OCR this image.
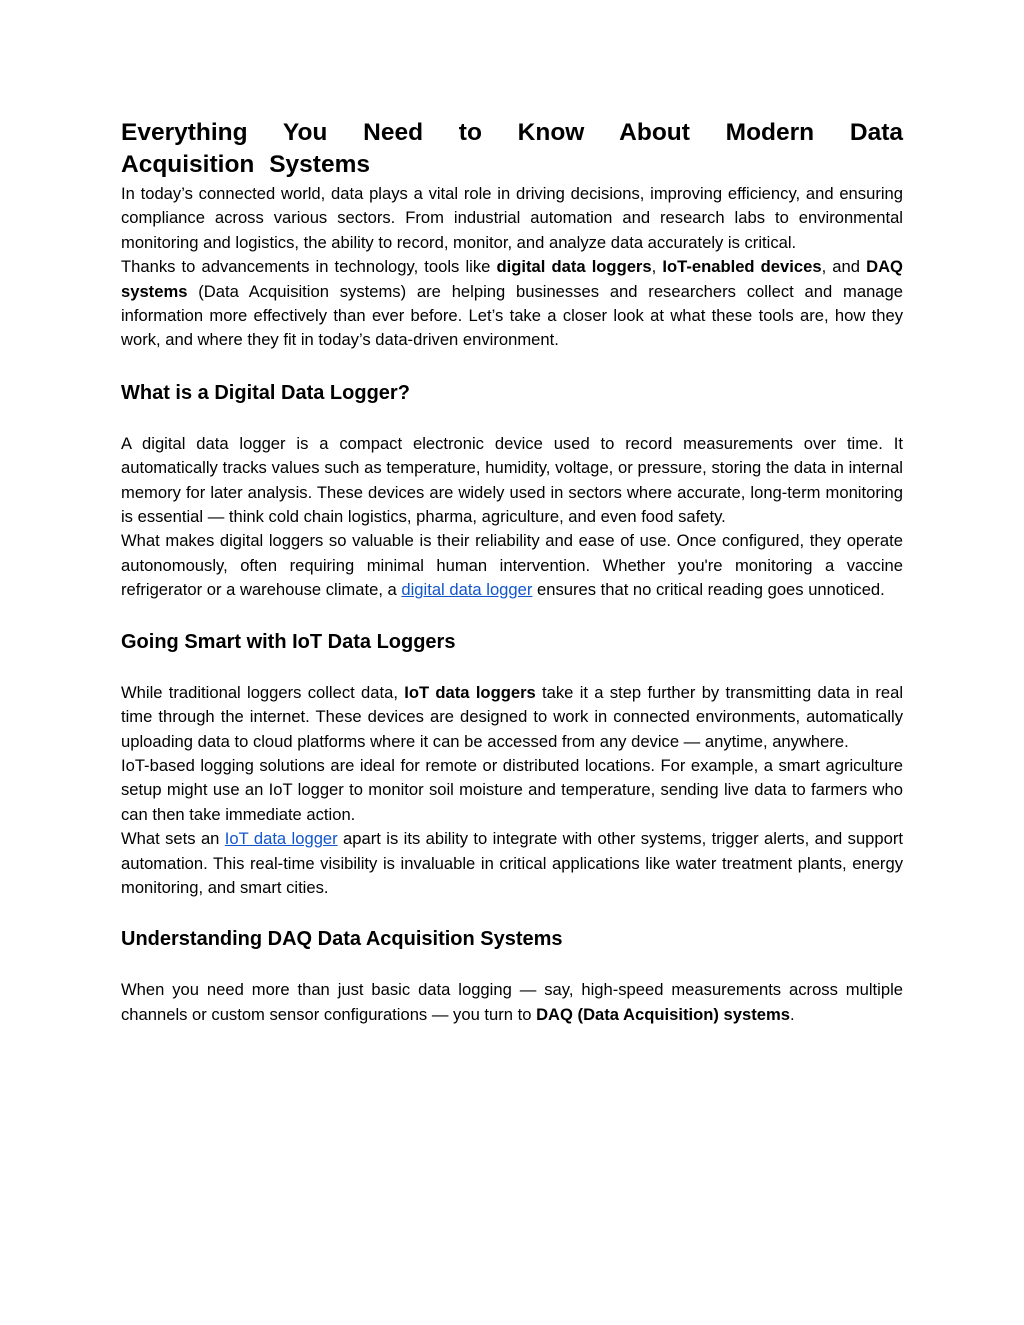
Everything You Need to Know About Modern Data Acquisition Systems

In today’s connected world, data plays a vital role in driving decisions, improving efficiency, and ensuring compliance across various sectors. From industrial automation and research labs to environmental monitoring and logistics, the ability to record, monitor, and analyze data accurately is critical.

Thanks to advancements in technology, tools like digital data loggers, IoT-enabled devices, and DAQ systems (Data Acquisition systems) are helping businesses and researchers collect and manage information more effectively than ever before. Let’s take a closer look at what these tools are, how they work, and where they fit in today’s data-driven environment.

What is a Digital Data Logger?

A digital data logger is a compact electronic device used to record measurements over time. It automatically tracks values such as temperature, humidity, voltage, or pressure, storing the data in internal memory for later analysis. These devices are widely used in sectors where accurate, long-term monitoring is essential — think cold chain logistics, pharma, agriculture, and even food safety.

What makes digital loggers so valuable is their reliability and ease of use. Once configured, they operate autonomously, often requiring minimal human intervention. Whether you're monitoring a vaccine refrigerator or a warehouse climate, a digital data logger ensures that no critical reading goes unnoticed.

Going Smart with IoT Data Loggers

While traditional loggers collect data, IoT data loggers take it a step further by transmitting data in real time through the internet. These devices are designed to work in connected environments, automatically uploading data to cloud platforms where it can be accessed from any device — anytime, anywhere.

IoT-based logging solutions are ideal for remote or distributed locations. For example, a smart agriculture setup might use an IoT logger to monitor soil moisture and temperature, sending live data to farmers who can then take immediate action.

What sets an IoT data logger apart is its ability to integrate with other systems, trigger alerts, and support automation. This real-time visibility is invaluable in critical applications like water treatment plants, energy monitoring, and smart cities.

Understanding DAQ Data Acquisition Systems

When you need more than just basic data logging — say, high-speed measurements across multiple channels or custom sensor configurations — you turn to DAQ (Data Acquisition) systems.
